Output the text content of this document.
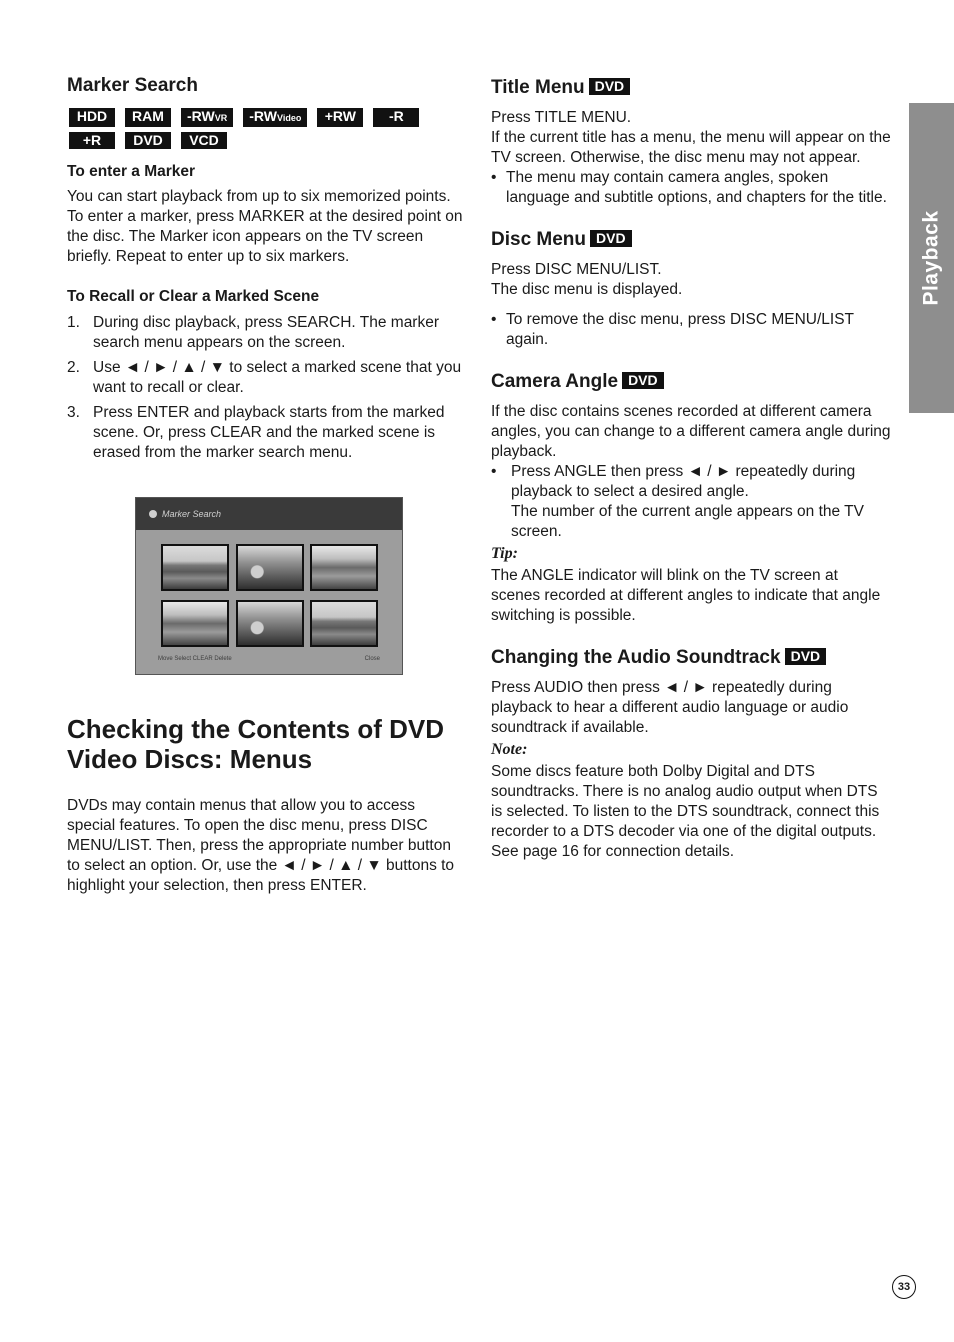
Marker Search
HDD	RAM	-RWVR	-RWVideo	+RW	-R
+R	DVD	VCD
To enter a Marker

You can start playback from up to six memorized points. To enter a marker, press MARKER at the desired point on the disc. The Marker icon appears on the TV screen briefly. Repeat to enter up to six markers.

To Recall or Clear a Marked Scene
1. During disc playback, press SEARCH. The marker search menu appears on the screen.
2. Use ◄ / ► / ▲ / ▼ to select a marked scene that you want to recall or clear.
3. Press ENTER and playback starts from the marked scene. Or, press CLEAR and the marked scene is erased from the marker search menu.
Marker Search
Move Select CLEAR Delete	Close
Checking the Contents of DVD
Video Discs: Menus

DVDs may contain menus that allow you to access special features. To open the disc menu, press DISC MENU/LIST. Then, press the appropriate number button to select an option. Or, use the ◄ / ► / ▲ / ▼ buttons to highlight your selection, then press ENTER.

Title Menu DVD

Press TITLE MENU.

If the current title has a menu, the menu will appear on the TV screen. Otherwise, the disc menu may not appear.

• The menu may contain camera angles, spoken language and subtitle options, and chapters for the title.
Disc Menu DVD

Press DISC MENU/LIST.

The disc menu is displayed.

• To remove the disc menu, press DISC MENU/LIST again.
Camera Angle DVD

If the disc contains scenes recorded at different camera angles, you can change to a different camera angle during playback.

• Press ANGLE then press ◄ / ► repeatedly during playback to select a desired angle.
The number of the current angle appears on the TV screen.
Tip:

The ANGLE indicator will blink on the TV screen at scenes recorded at different angles to indicate that angle switching is possible.

Changing the Audio Soundtrack DVD

Press AUDIO then press ◄ / ► repeatedly during playback to hear a different audio language or audio soundtrack if available.

Note:

Some discs feature both Dolby Digital and DTS soundtracks. There is no analog audio output when DTS is selected. To listen to the DTS soundtrack, connect this recorder to a DTS decoder via one of the digital outputs. See page 16 for connection details.

Playback
33
